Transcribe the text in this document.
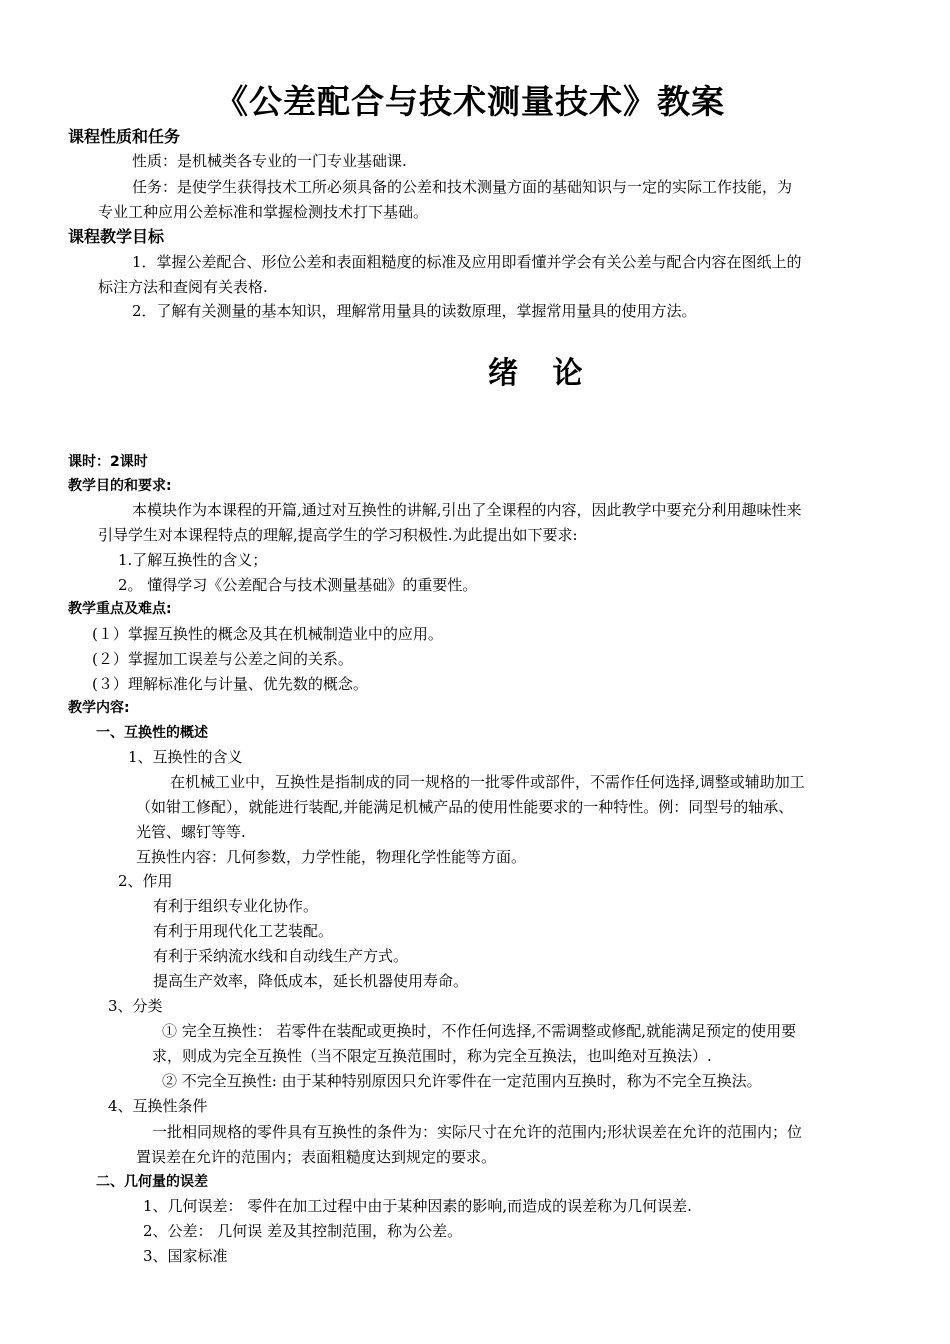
《公差配合与技术测量技术》教案
课程性质和任务
性质：是机械类各专业的一门专业基础课.
任务：是使学生获得技术工所必须具备的公差和技术测量方面的基础知识与一定的实际工作技能，为
专业工种应用公差标准和掌握检测技术打下基础。
课程教学目标
1．掌握公差配合、形位公差和表面粗糙度的标准及应用即看懂并学会有关公差与配合内容在图纸上的
标注方法和查阅有关表格.
2．了解有关测量的基本知识，理解常用量具的读数原理，掌握常用量具的使用方法。
绪 论
课时：2课时
教学目的和要求:
本模块作为本课程的开篇,通过对互换性的讲解,引出了全课程的内容，因此教学中要充分利用趣味性来
引导学生对本课程特点的理解,提高学生的学习积极性.为此提出如下要求:
1.了解互换性的含义；
2。 懂得学习《公差配合与技术测量基础》的重要性。
教学重点及难点:
(１）掌握互换性的概念及其在机械制造业中的应用。
(２）掌握加工误差与公差之间的关系。
(３）理解标准化与计量、优先数的概念。
教学内容:
一、互换性的概述
1、互换性的含义
在机械工业中，互换性是指制成的同一规格的一批零件或部件，不需作任何选择,调整或辅助加工
（如钳工修配），就能进行装配,并能满足机械产品的使用性能要求的一种特性。例：同型号的轴承、
光管、螺钉等等.
互换性内容：几何参数，力学性能，物理化学性能等方面。
2、作用
有利于组织专业化协作。
有利于用现代化工艺装配。
有利于采纳流水线和自动线生产方式。
提高生产效率，降低成本，延长机器使用寿命。
3、分类
① 完全互换性： 若零件在装配或更换时，不作任何选择,不需调整或修配,就能满足预定的使用要
求，则成为完全互换性（当不限定互换范围时，称为完全互换法，也叫绝对互换法）.
② 不完全互换性: 由于某种特别原因只允许零件在一定范围内互换时，称为不完全互换法。
4、互换性条件
一批相同规格的零件具有互换性的条件为：实际尺寸在允许的范围内;形状误差在允许的范围内；位
置误差在允许的范围内；表面粗糙度达到规定的要求。
二、几何量的误差
1、几何误差： 零件在加工过程中由于某种因素的影响,而造成的误差称为几何误差.
2、公差： 几何误 差及其控制范围，称为公差。
3、国家标准
